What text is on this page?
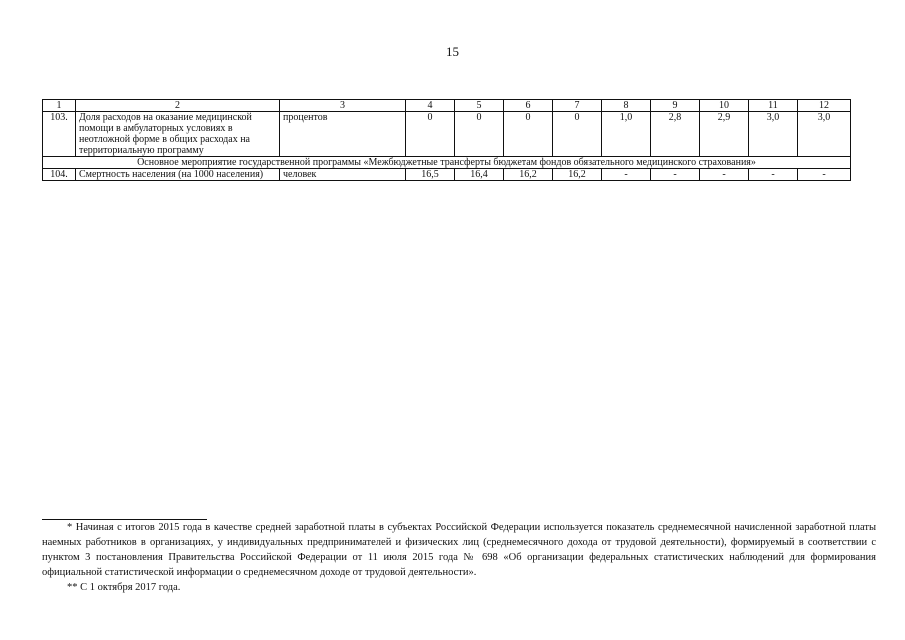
15
1	2	3	4	5	6	7	8	9	10	11	12
103.	Доля расходов на оказание медицинской помощи в амбулаторных условиях в неотложной форме в общих расходах на территориальную программу	процентов	0	0	0	0	1,0	2,8	2,9	3,0	3,0
Основное мероприятие государственной программы «Межбюджетные трансферты бюджетам фондов обязательного медицинского страхования»											
104.	Смертность населения (на 1000 населения)	человек	16,5	16,4	16,2	16,2	-	-	-	-	-

* Начиная с итогов 2015 года в качестве средней заработной платы в субъектах Российской Федерации используется показатель среднемесячной начисленной заработной платы наемных работников в организациях, у индивидуальных предпринимателей и физических лиц (среднемесячного дохода от трудовой деятельности), формируемый в соответствии с пунктом 3 постановления Правительства Российской Федерации от 11 июля 2015 года № 698 «Об организации федеральных статистических наблюдений для формирования официальной статистической информации о среднемесячном доходе от трудовой деятельности».

** С 1 октября 2017 года.
